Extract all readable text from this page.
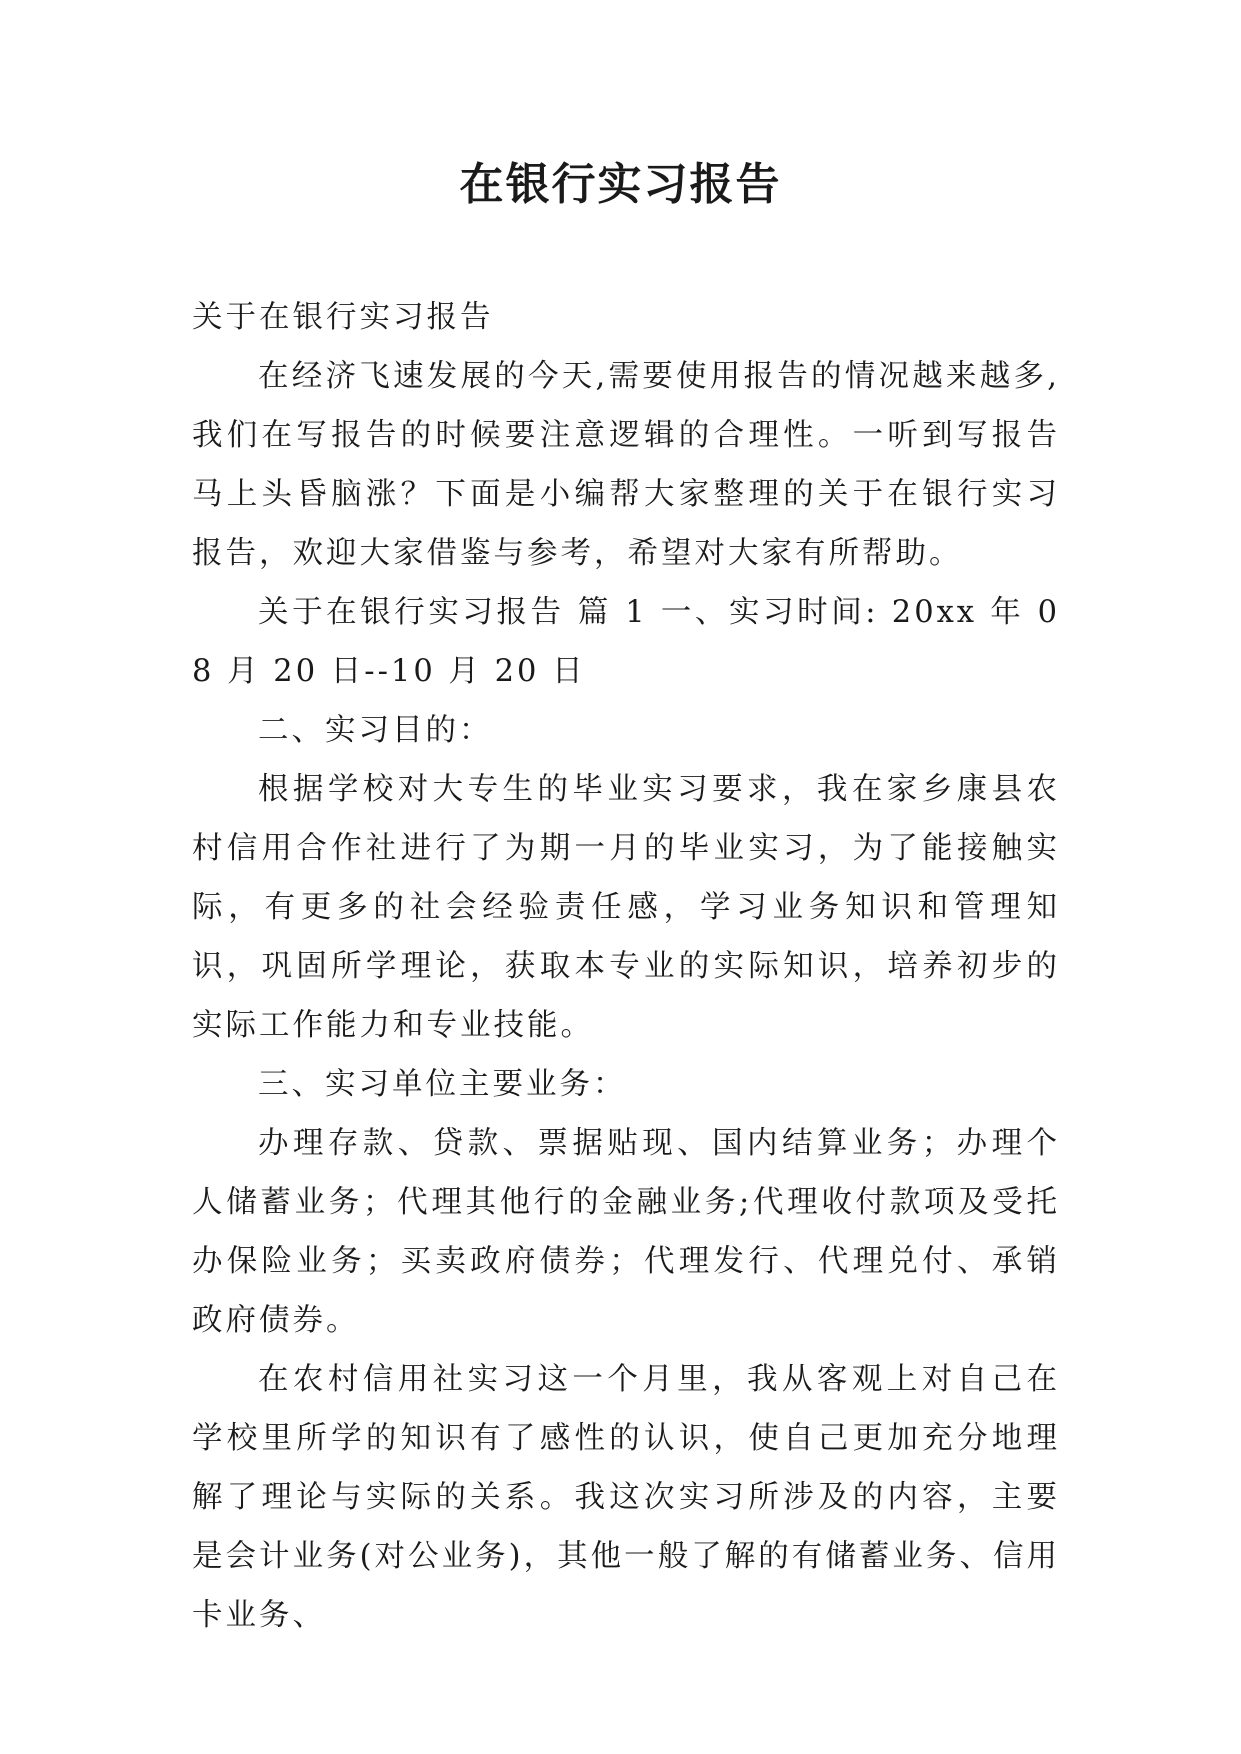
在银行实习报告

关于在银行实习报告

在经济飞速发展的今天,需要使用报告的情况越来越多,我们在写报告的时候要注意逻辑的合理性。一听到写报告马上头昏脑涨？下面是小编帮大家整理的关于在银行实习报告，欢迎大家借鉴与参考，希望对大家有所帮助。

关于在银行实习报告 篇 1 一、实习时间: 20xx 年 08 月 20 日--10 月 20 日

二、实习目的：

根据学校对大专生的毕业实习要求，我在家乡康县农村信用合作社进行了为期一月的毕业实习，为了能接触实际，有更多的社会经验责任感，学习业务知识和管理知识，巩固所学理论，获取本专业的实际知识，培养初步的实际工作能力和专业技能。

三、实习单位主要业务：

办理存款、贷款、票据贴现、国内结算业务；办理个人储蓄业务；代理其他行的金融业务;代理收付款项及受托办保险业务；买卖政府债券；代理发行、代理兑付、承销政府债券。

在农村信用社实习这一个月里，我从客观上对自己在学校里所学的知识有了感性的认识，使自己更加充分地理解了理论与实际的关系。我这次实习所涉及的内容，主要是会计业务(对公业务)，其他一般了解的有储蓄业务、信用卡业务、
